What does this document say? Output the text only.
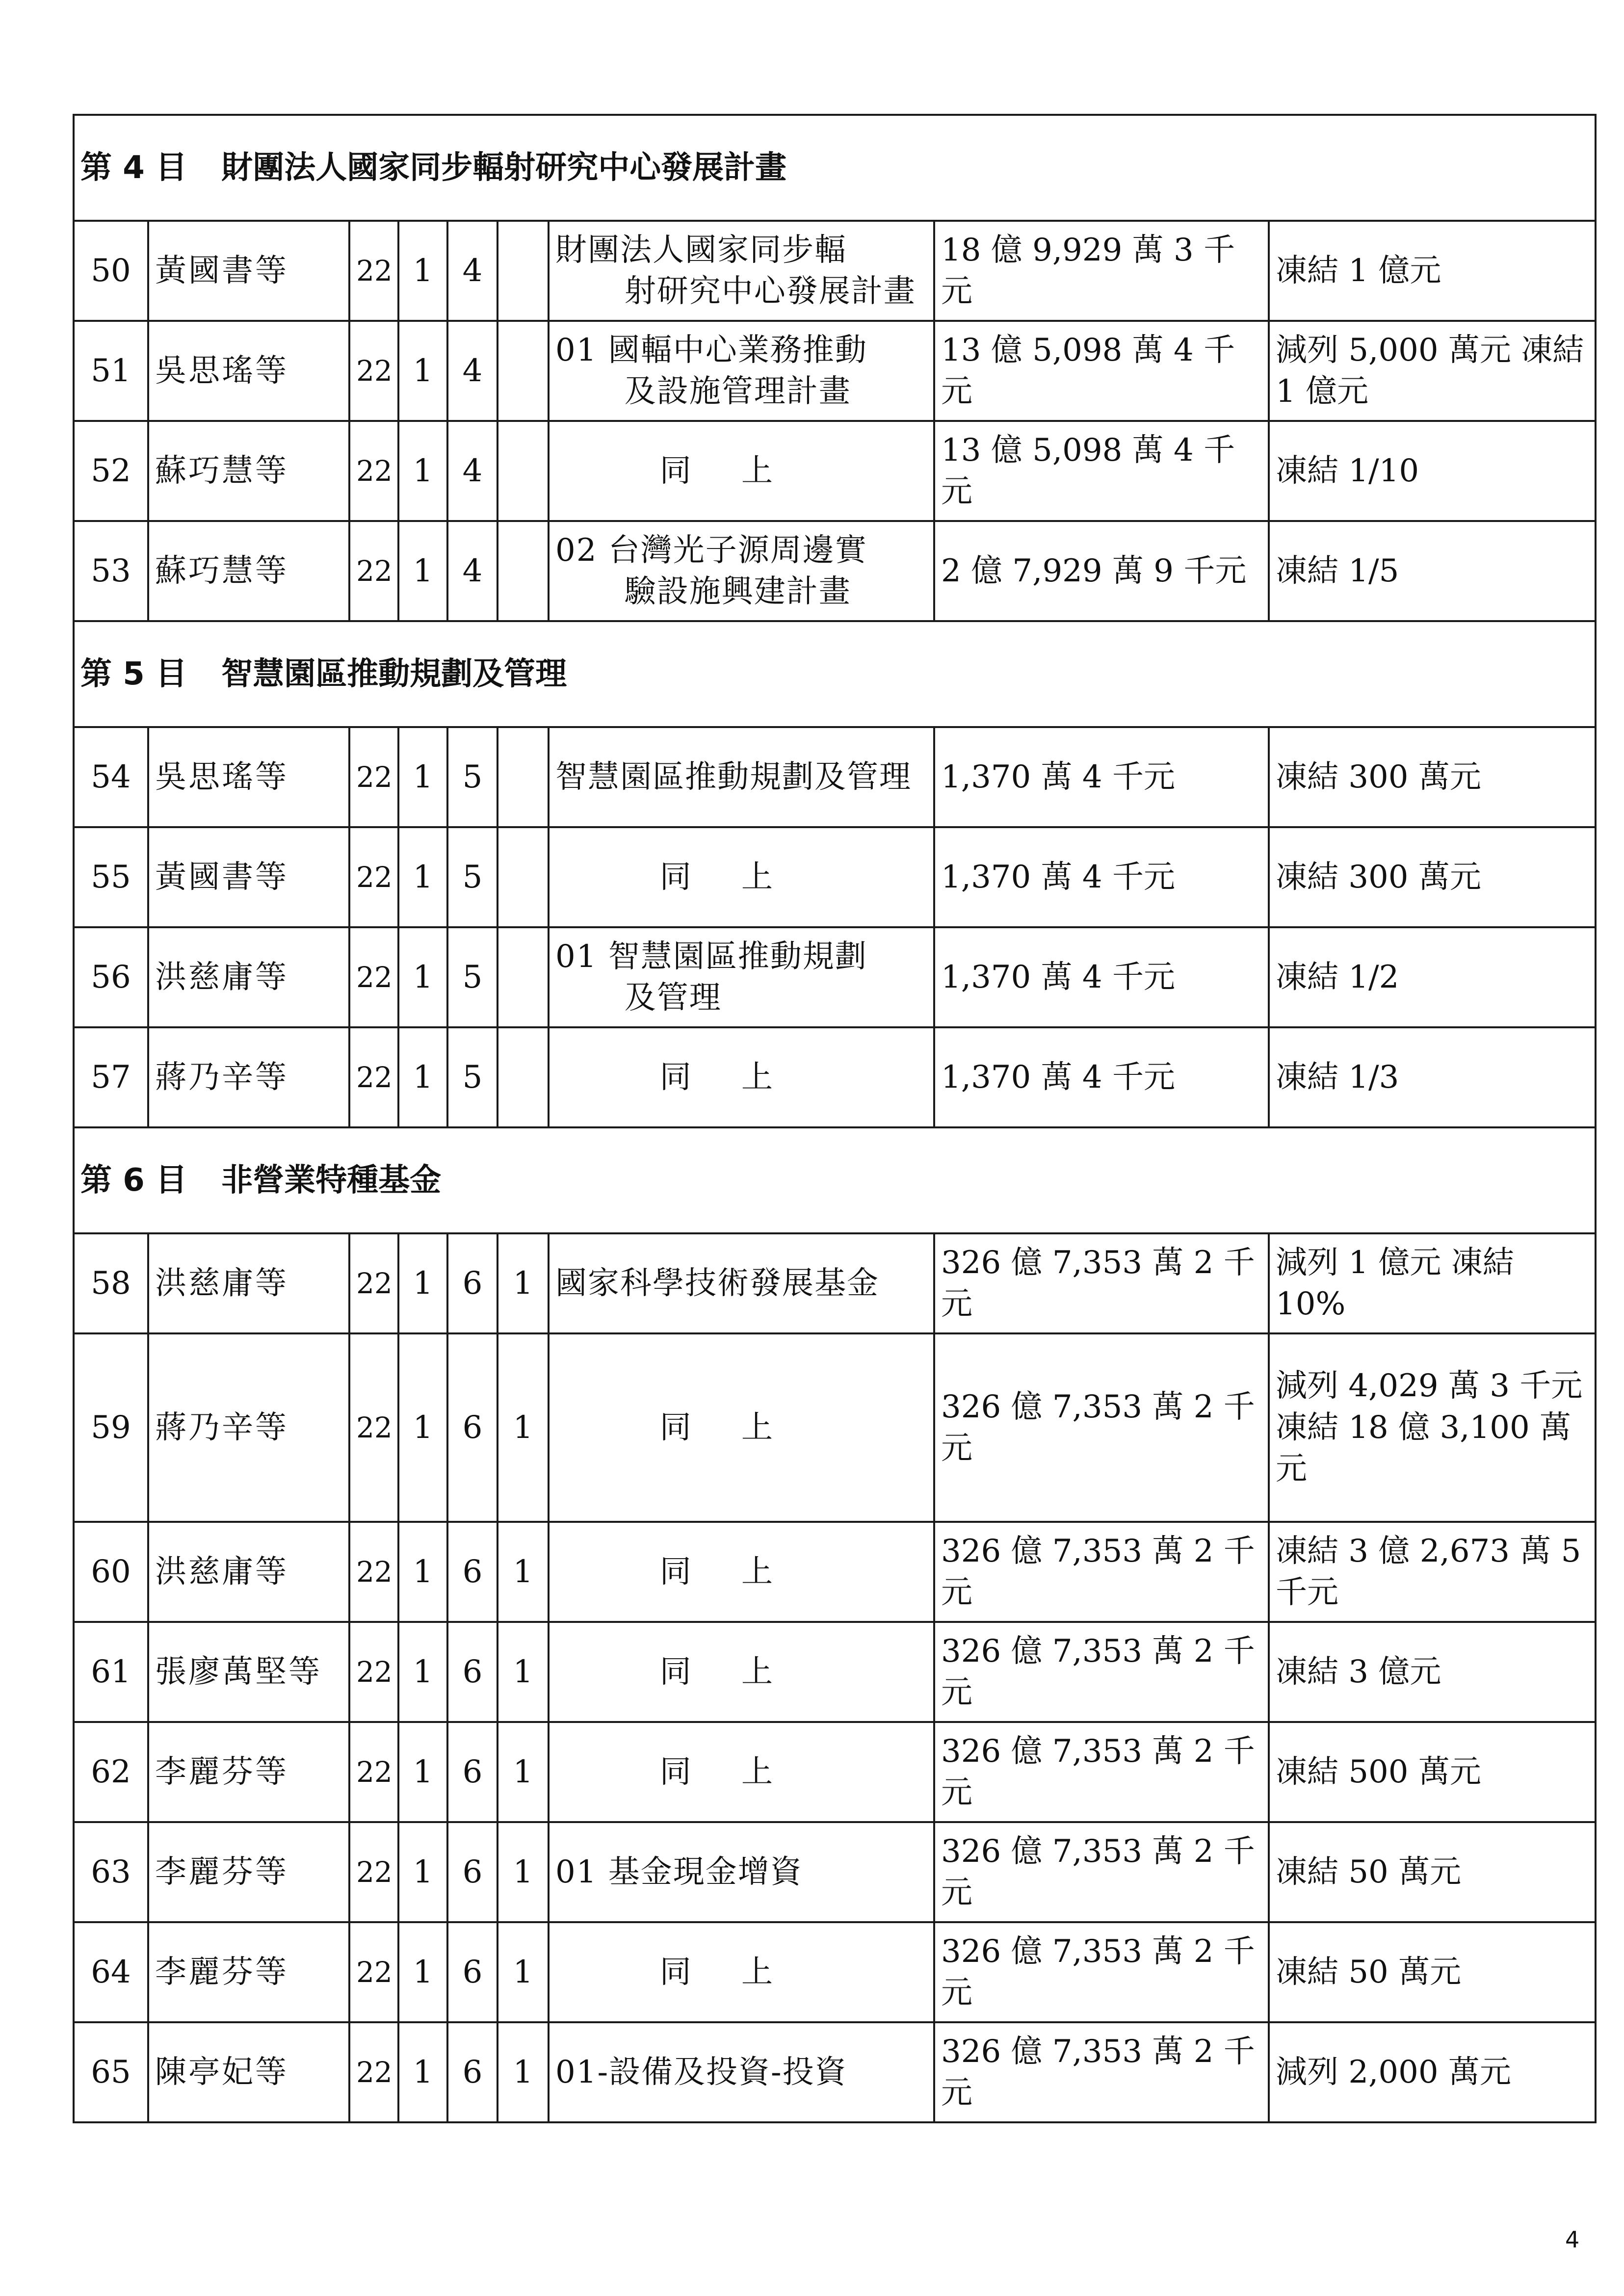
第 4 目 財團法人國家同步輻射研究中心發展計畫								
50	黃國書等	22	1	4		財團法人國家同步輻
射研究中心發展計畫	18 億 9,929 萬 3 千元	凍結 1 億元
51	吳思瑤等	22	1	4		01 國輻中心業務推動
及設施管理計畫	13 億 5,098 萬 4 千元	減列 5,000 萬元 凍結 1 億元
52	蘇巧慧等	22	1	4		同上	13 億 5,098 萬 4 千元	凍結 1/10
53	蘇巧慧等	22	1	4		02 台灣光子源周邊實
驗設施興建計畫	2 億 7,929 萬 9 千元	凍結 1/5
第 5 目 智慧園區推動規劃及管理								
54	吳思瑤等	22	1	5		智慧園區推動規劃及管理	1,370 萬 4 千元	凍結 300 萬元
55	黃國書等	22	1	5		同上	1,370 萬 4 千元	凍結 300 萬元
56	洪慈庸等	22	1	5		01 智慧園區推動規劃
及管理	1,370 萬 4 千元	凍結 1/2
57	蔣乃辛等	22	1	5		同上	1,370 萬 4 千元	凍結 1/3
第 6 目 非營業特種基金								
58	洪慈庸等	22	1	6	1	國家科學技術發展基金	326 億 7,353 萬 2 千元	減列 1 億元 凍結 10%
59	蔣乃辛等	22	1	6	1	同上	326 億 7,353 萬 2 千元	減列 4,029 萬 3 千元 凍結 18 億 3,100 萬元
60	洪慈庸等	22	1	6	1	同上	326 億 7,353 萬 2 千元	凍結 3 億 2,673 萬 5 千元
61	張廖萬堅等	22	1	6	1	同上	326 億 7,353 萬 2 千元	凍結 3 億元
62	李麗芬等	22	1	6	1	同上	326 億 7,353 萬 2 千元	凍結 500 萬元
63	李麗芬等	22	1	6	1	01 基金現金增資	326 億 7,353 萬 2 千元	凍結 50 萬元
64	李麗芬等	22	1	6	1	同上	326 億 7,353 萬 2 千元	凍結 50 萬元
65	陳亭妃等	22	1	6	1	01-設備及投資-投資	326 億 7,353 萬 2 千元	減列 2,000 萬元
4
